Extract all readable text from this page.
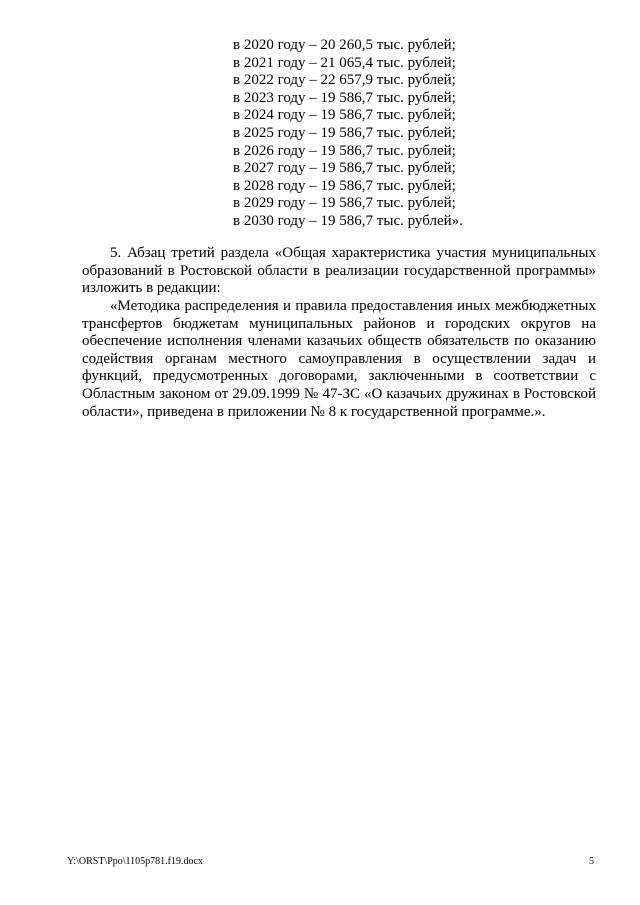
в 2020 году – 20 260,5 тыс. рублей;
в 2021 году – 21 065,4 тыс. рублей;
в 2022 году – 22 657,9 тыс. рублей;
в 2023 году – 19 586,7 тыс. рублей;
в 2024 году – 19 586,7 тыс. рублей;
в 2025 году – 19 586,7 тыс. рублей;
в 2026 году – 19 586,7 тыс. рублей;
в 2027 году – 19 586,7 тыс. рублей;
в 2028 году – 19 586,7 тыс. рублей;
в 2029 году – 19 586,7 тыс. рублей;
в 2030 году – 19 586,7 тыс. рублей».

5. Абзац третий раздела «Общая характеристика участия муниципальных образований в Ростовской области в реализации государственной программы» изложить в редакции:

«Методика распределения и правила предоставления иных межбюджетных трансфертов бюджетам муниципальных районов и городских округов на обеспечение исполнения членами казачьих обществ обязательств по оказанию содействия органам местного самоуправления в осуществлении задач и функций, предусмотренных договорами, заключенными в соответствии с Областным законом от 29.09.1999 № 47-ЗС «О казачьих дружинах в Ростовской области», приведена в приложении № 8 к государственной программе.».

Y:\ORST\Ppo\1105p781.f19.docx	5
